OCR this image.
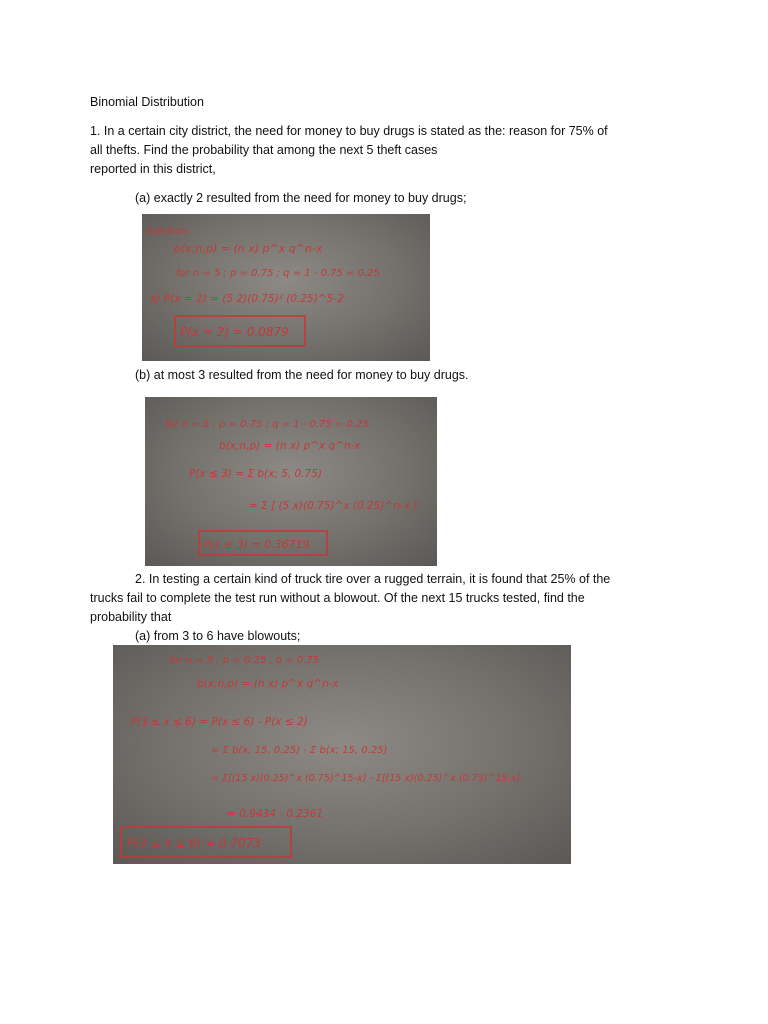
Binomial Distribution
1. In a certain city district, the need for money to buy drugs is stated as the: reason for 75% of
all thefts. Find the probability that among the next 5 theft cases
reported in this district,
(a) exactly 2 resulted from the need for money to buy drugs;
Solution:
b(x;n,p) = (n x) p^x q^n-x
for n = 5 ; p = 0.75 ; q = 1 - 0.75 = 0.25
a) P(x = 2) = (5 2)(0.75)² (0.25)^5-2
P(x = 2) = 0.0879
(b) at most 3 resulted from the need for money to buy drugs.
for n = 5 ; p = 0.75 ; q = 1 - 0.75 = 0.25
b(x;n,p) = (n x) p^x q^n-x
P(x ≤ 3) = Σ b(x; 5, 0.75)
= Σ [ (5 x)(0.75)^x (0.25)^n-x ]
P(x ≤ 3) = 0.36719
2. In testing a certain kind of truck tire over a rugged terrain, it is found that 25% of the
trucks fail to complete the test run without a blowout. Of the next 15 trucks tested, find the
probability that
(a) from 3 to 6 have blowouts;
for n = 5 , p = 0.25 , q = 0.75
b(x;n,p) = (n x) p^x q^n-x
P(3 ≤ x ≤ 6) = P(x ≤ 6) - P(x ≤ 2)
= Σ b(x; 15, 0.25) - Σ b(x; 15, 0.25)
= Σ[(15 x)(0.25)^x (0.75)^15-x] - Σ[(15 x)(0.25)^x (0.75)^15-x]
= 0.9434 - 0.2361
P(3 ≤ x ≤ 6) = 0.7073
